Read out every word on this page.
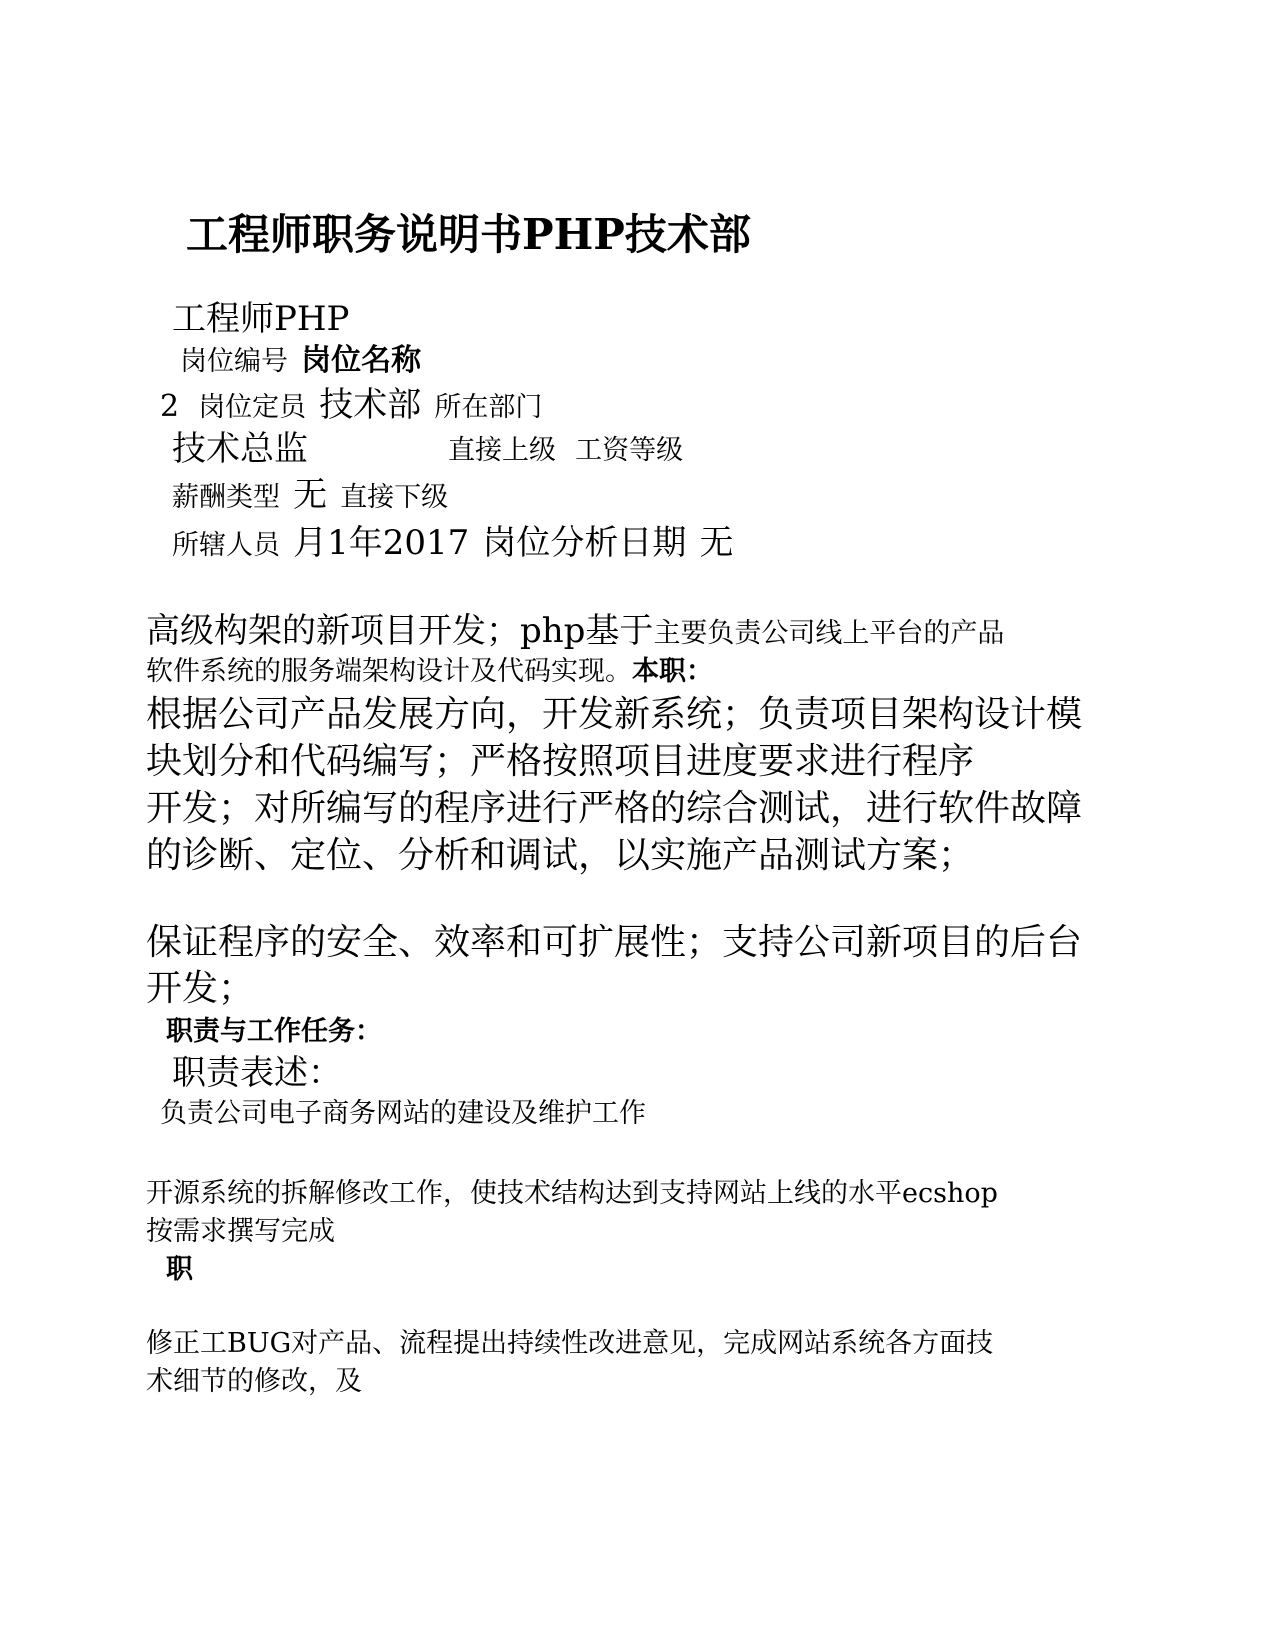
工程师职务说明书PHP技术部
工程师PHP
岗位编号 岗位名称
2 岗位定员 技术部 所在部门
技术总监	直接上级 工资等级
薪酬类型 无 直接下级
所辖人员 月1年2017 岗位分析日期 无
高级构架的新项目开发；php基于主要负责公司线上平台的产品
软件系统的服务端架构设计及代码实现。本职：
根据公司产品发展方向，开发新系统；负责项目架构设计模
块划分和代码编写；严格按照项目进度要求进行程序
开发；对所编写的程序进行严格的综合测试，进行软件故障
的诊断、定位、分析和调试，以实施产品测试方案；
保证程序的安全、效率和可扩展性；支持公司新项目的后台
开发；
职责与工作任务：
职责表述：
负责公司电子商务网站的建设及维护工作
开源系统的拆解修改工作，使技术结构达到支持网站上线的水平ecshop
按需求撰写完成
职
修正工BUG对产品、流程提出持续性改进意见，完成网站系统各方面技
术细节的修改，及
